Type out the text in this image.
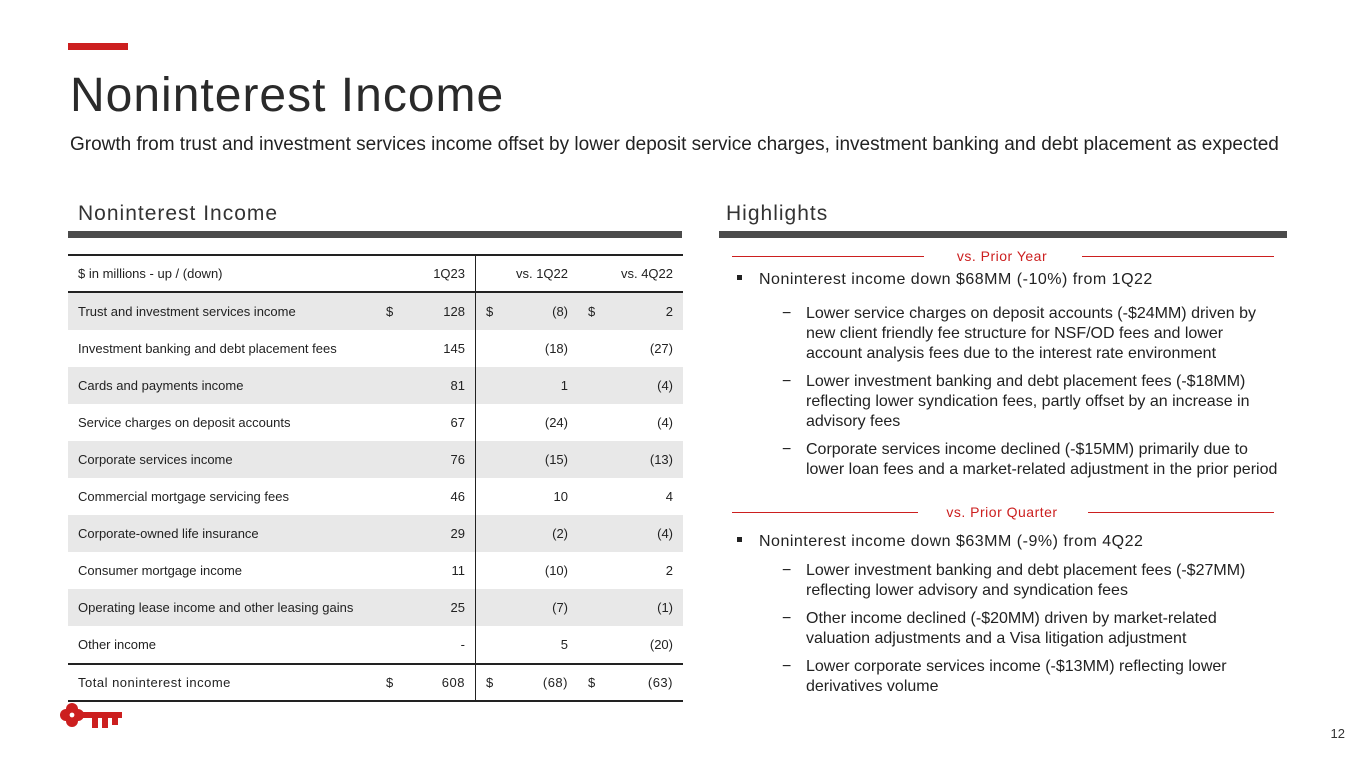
Noninterest Income
Growth from trust and investment services income offset by lower deposit service charges, investment banking and debt placement as expected
Noninterest Income
$ in millions - up / (down)	1Q23	vs. 1Q22	vs. 4Q22
Trust and investment services income	$ 128	$ (8)	$ 2

Investment banking and debt placement fees	145	(18)	(27)
Cards and payments income	81	1	(4)
Service charges on deposit accounts	67	(24)	(4)
Corporate services income	76	(15)	(13)
Commercial mortgage servicing fees	46	10	4
Corporate-owned life insurance	29	(2)	(4)
Consumer mortgage income	11	(10)	2
Operating lease income and other leasing gains	25	(7)	(1)
Other income	-	5	(20)
Total noninterest income	$ 608	$ (68)	$ (63)
Highlights
vs. Prior Year
Noninterest income down $68MM (-10%) from 1Q22
− Lower service charges on deposit accounts (-$24MM) driven by new client friendly fee structure for NSF/OD fees and lower account analysis fees due to the interest rate environment
− Lower investment banking and debt placement fees (-$18MM) reflecting lower syndication fees, partly offset by an increase in advisory fees
− Corporate services income declined (-$15MM) primarily due to lower loan fees and a market-related adjustment in the prior period
vs. Prior Quarter
Noninterest income down $63MM (-9%) from 4Q22
− Lower investment banking and debt placement fees (-$27MM) reflecting lower advisory and syndication fees
− Other income declined (-$20MM) driven by market-related valuation adjustments and a Visa litigation adjustment
− Lower corporate services income (-$13MM) reflecting lower derivatives volume
12
